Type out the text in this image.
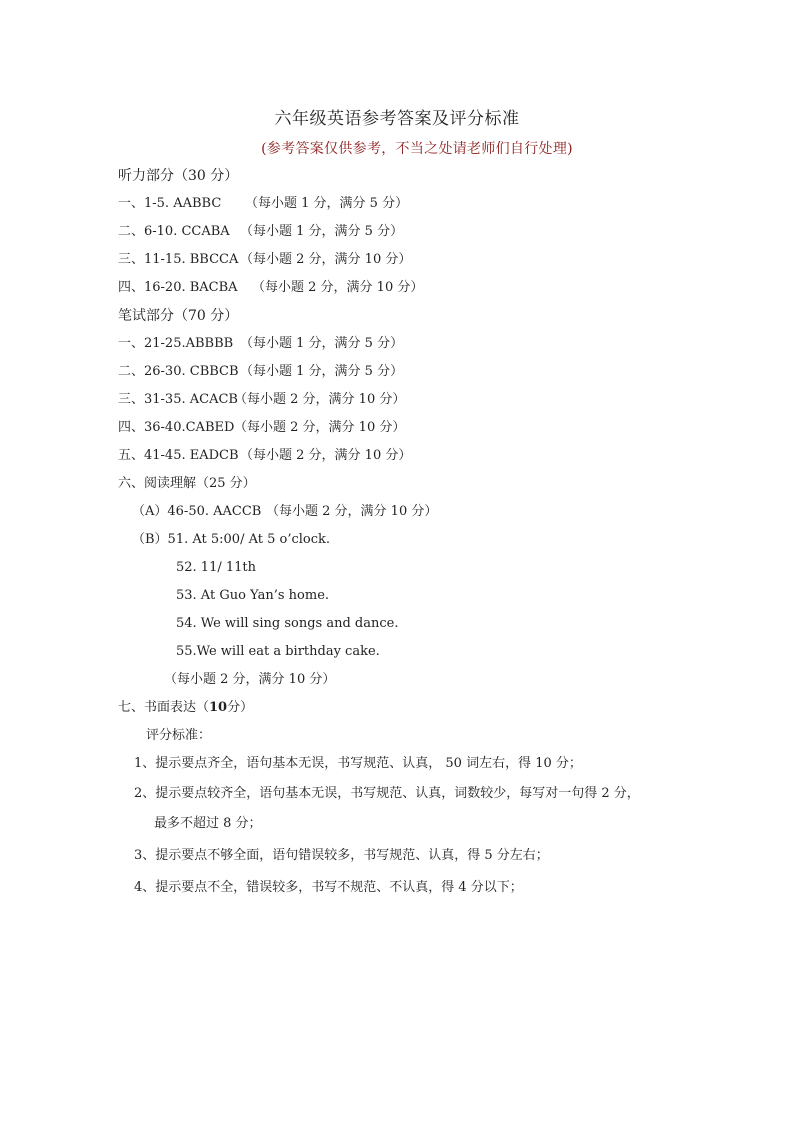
六年级英语参考答案及评分标准
(参考答案仅供参考，不当之处请老师们自行处理)
听力部分（30 分）
一、1-5. AABBC （每小题 1 分，满分 5 分）
二、6-10. CCABA （每小题 1 分，满分 5 分）
三、11-15. BBCCA （每小题 2 分，满分 10 分）
四、16-20. BACBA （每小题 2 分，满分 10 分）
笔试部分（70 分）
一、21-25.ABBBB （每小题 1 分，满分 5 分）
二、26-30. CBBCB （每小题 1 分，满分 5 分）
三、31-35. ACACB
（每小题 2 分，满分 10 分）
四、36-40.CABED （每小题 2 分，满分 10 分）
五、41-45. EADCB （每小题 2 分，满分 10 分）
六、阅读理解（25 分）
（A）46-50. AACCB （每小题 2 分，满分 10 分）
（B）51. At 5:00/ At 5 o’clock.
52. 11/ 11th
53. At Guo Yan’s home.
54. We will sing songs and dance.
55.We will eat a birthday cake.
（每小题 2 分，满分 10 分）
七、书面表达（10分）
评分标准：
1、提示要点齐全，语句基本无误，书写规范、认真， 50 词左右，得 10 分；
2、提示要点较齐全，语句基本无误，书写规范、认真，词数较少，每写对一句得 2 分，
最多不超过 8 分；
3、提示要点不够全面，语句错误较多，书写规范、认真，得 5 分左右；
4、提示要点不全，错误较多，书写不规范、不认真，得 4 分以下；
